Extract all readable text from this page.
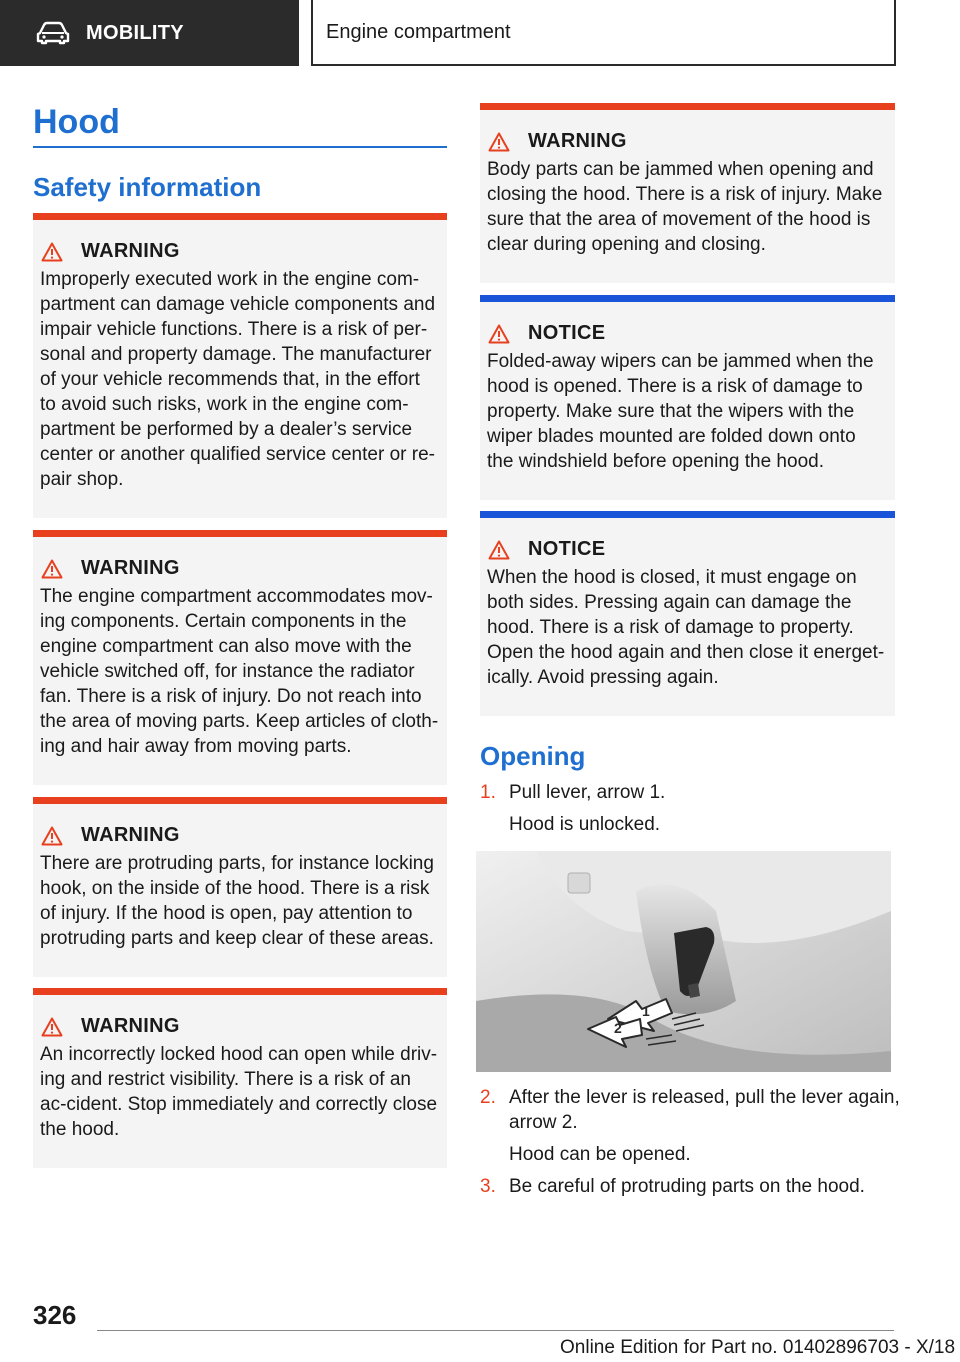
MOBILITY	Engine compartment
Hood
Safety information
WARNING
Improperly executed work in the engine com‐partment can damage vehicle components and impair vehicle functions. There is a risk of per‐sonal and property damage. The manufacturer of your vehicle recommends that, in the effort to avoid such risks, work in the engine com‐partment be performed by a dealer’s service center or another qualified service center or re‐pair shop.
WARNING
The engine compartment accommodates mov‐ing components. Certain components in the engine compartment can also move with the vehicle switched off, for instance the radiator fan. There is a risk of injury. Do not reach into the area of moving parts. Keep articles of cloth‐ing and hair away from moving parts.
WARNING
There are protruding parts, for instance locking hook, on the inside of the hood. There is a risk of injury. If the hood is open, pay attention to protruding parts and keep clear of these areas.
WARNING
An incorrectly locked hood can open while driv‐ing and restrict visibility. There is a risk of an ac‐cident. Stop immediately and correctly close the hood.
WARNING
Body parts can be jammed when opening and closing the hood. There is a risk of injury. Make sure that the area of movement of the hood is clear during opening and closing.
NOTICE
Folded-away wipers can be jammed when the hood is opened. There is a risk of damage to property. Make sure that the wipers with the wiper blades mounted are folded down onto the windshield before opening the hood.
NOTICE
When the hood is closed, it must engage on both sides. Pressing again can damage the hood. There is a risk of damage to property. Open the hood again and then close it energet‐ically. Avoid pressing again.
Opening
1. Pull lever, arrow 1.
Hood is unlocked.
1
2
2. After the lever is released, pull the lever again, arrow 2.
Hood can be opened.
3. Be careful of protruding parts on the hood.
326
Online Edition for Part no. 01402896703 - X/18
